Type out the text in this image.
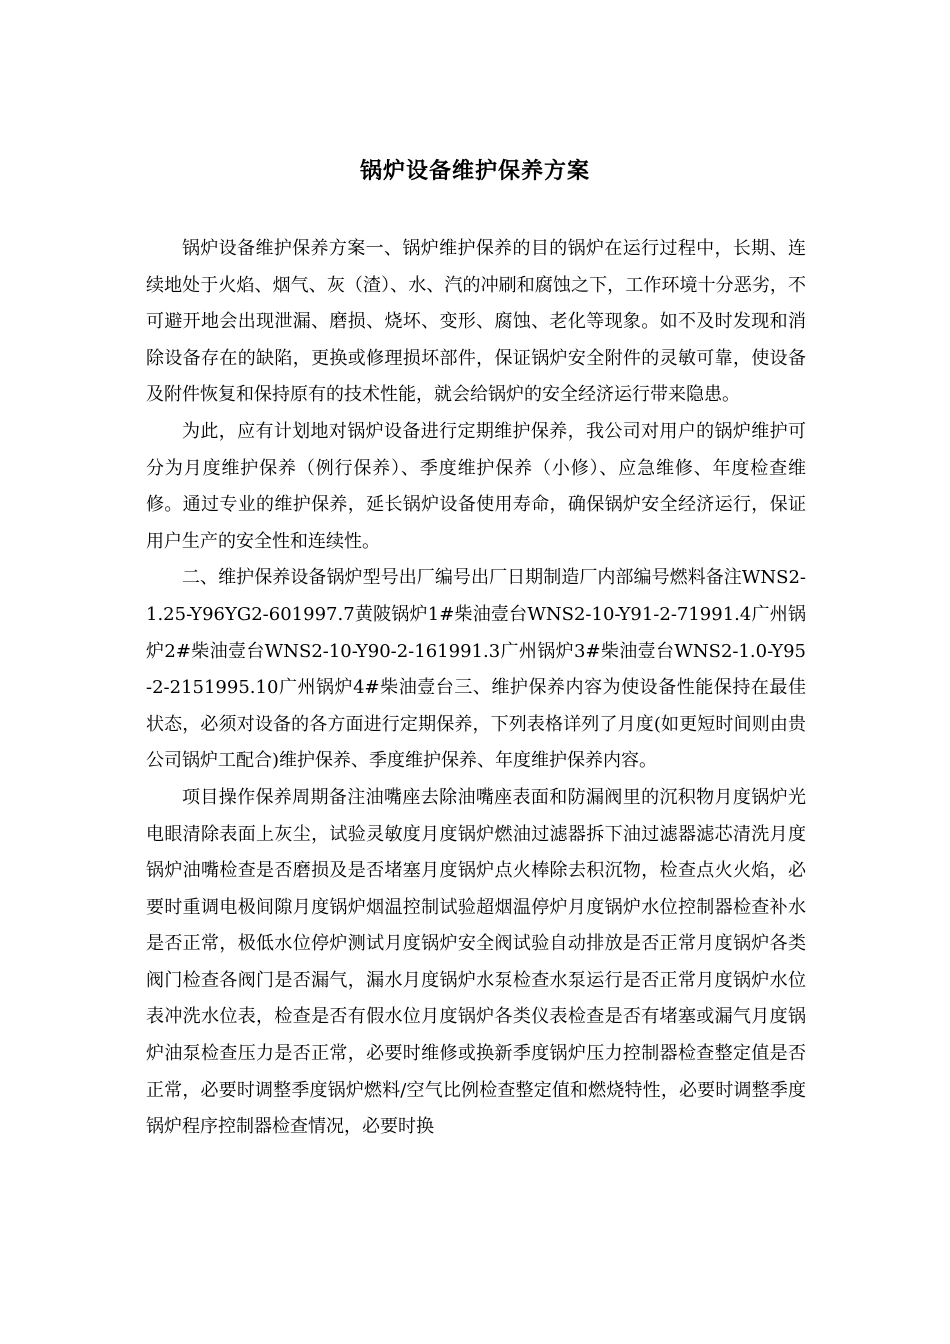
锅炉设备维护保养方案

锅炉设备维护保养方案一、锅炉维护保养的目的锅炉在运行过程中，长期、连续地处于火焰、烟气、灰（渣）、水、汽的冲刷和腐蚀之下，工作环境十分恶劣，不可避开地会出现泄漏、磨损、烧坏、变形、腐蚀、老化等现象。如不及时发现和消除设备存在的缺陷，更换或修理损坏部件，保证锅炉安全附件的灵敏可靠，使设备及附件恢复和保持原有的技术性能，就会给锅炉的安全经济运行带来隐患。

为此，应有计划地对锅炉设备进行定期维护保养，我公司对用户的锅炉维护可分为月度维护保养（例行保养）、季度维护保养（小修）、应急维修、年度检查维修。通过专业的维护保养，延长锅炉设备使用寿命，确保锅炉安全经济运行，保证用户生产的安全性和连续性。

二、维护保养设备锅炉型号出厂编号出厂日期制造厂内部编号燃料备注WNS2-1.25-Y96YG2-601997.7黄陂锅炉1#柴油壹台WNS2-10-Y91-2-71991.4广州锅炉2#柴油壹台WNS2-10-Y90-2-161991.3广州锅炉3#柴油壹台WNS2-1.0-Y95-2-2151995.10广州锅炉4#柴油壹台三、维护保养内容为使设备性能保持在最佳状态，必须对设备的各方面进行定期保养，下列表格详列了月度(如更短时间则由贵公司锅炉工配合)维护保养、季度维护保养、年度维护保养内容。

项目操作保养周期备注油嘴座去除油嘴座表面和防漏阀里的沉积物月度锅炉光电眼清除表面上灰尘，试验灵敏度月度锅炉燃油过滤器拆下油过滤器滤芯清洗月度锅炉油嘴检查是否磨损及是否堵塞月度锅炉点火棒除去积沉物，检查点火火焰，必要时重调电极间隙月度锅炉烟温控制试验超烟温停炉月度锅炉水位控制器检查补水是否正常，极低水位停炉测试月度锅炉安全阀试验自动排放是否正常月度锅炉各类阀门检查各阀门是否漏气，漏水月度锅炉水泵检查水泵运行是否正常月度锅炉水位表冲洗水位表，检查是否有假水位月度锅炉各类仪表检查是否有堵塞或漏气月度锅炉油泵检查压力是否正常，必要时维修或换新季度锅炉压力控制器检查整定值是否正常，必要时调整季度锅炉燃料/空气比例检查整定值和燃烧特性，必要时调整季度锅炉程序控制器检查情况，必要时换
